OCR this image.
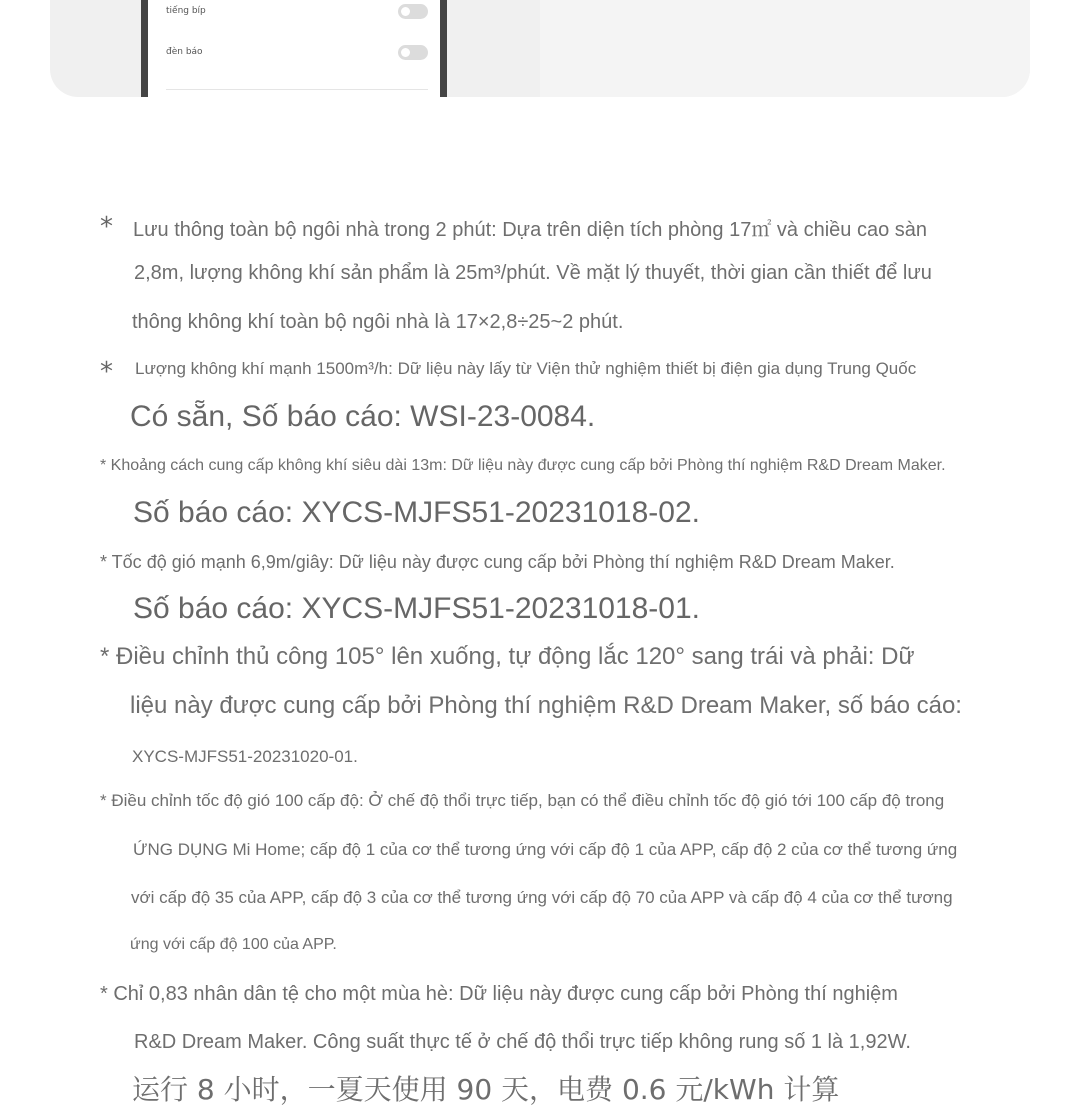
tiếng bíp
đèn báo
* Lưu thông toàn bộ ngôi nhà trong 2 phút: Dựa trên diện tích phòng 17㎡ và chiều cao sàn
2,8m, lượng không khí sản phẩm là 25m³/phút. Về mặt lý thuyết, thời gian cần thiết để lưu
thông không khí toàn bộ ngôi nhà là 17×2,8÷25~2 phút.
* Lượng không khí mạnh 1500m³/h: Dữ liệu này lấy từ Viện thử nghiệm thiết bị điện gia dụng Trung Quốc
Có sẵn, Số báo cáo: WSI-23-0084.
* Khoảng cách cung cấp không khí siêu dài 13m: Dữ liệu này được cung cấp bởi Phòng thí nghiệm R&D Dream Maker.
Số báo cáo: XYCS-MJFS51-20231018-02.
* Tốc độ gió mạnh 6,9m/giây: Dữ liệu này được cung cấp bởi Phòng thí nghiệm R&D Dream Maker.
Số báo cáo: XYCS-MJFS51-20231018-01.
* Điều chỉnh thủ công 105° lên xuống, tự động lắc 120° sang trái và phải: Dữ
liệu này được cung cấp bởi Phòng thí nghiệm R&D Dream Maker, số báo cáo:
XYCS-MJFS51-20231020-01.
* Điều chỉnh tốc độ gió 100 cấp độ: Ở chế độ thổi trực tiếp, bạn có thể điều chỉnh tốc độ gió tới 100 cấp độ trong
ỨNG DỤNG Mi Home; cấp độ 1 của cơ thể tương ứng với cấp độ 1 của APP, cấp độ 2 của cơ thể tương ứng
với cấp độ 35 của APP, cấp độ 3 của cơ thể tương ứng với cấp độ 70 của APP và cấp độ 4 của cơ thể tương
ứng với cấp độ 100 của APP.
* Chỉ 0,83 nhân dân tệ cho một mùa hè: Dữ liệu này được cung cấp bởi Phòng thí nghiệm
R&D Dream Maker. Công suất thực tế ở chế độ thổi trực tiếp không rung số 1 là 1,92W.
运行 8 小时，一夏天使用 90 天，电费 0.6 元/kWh 计算
